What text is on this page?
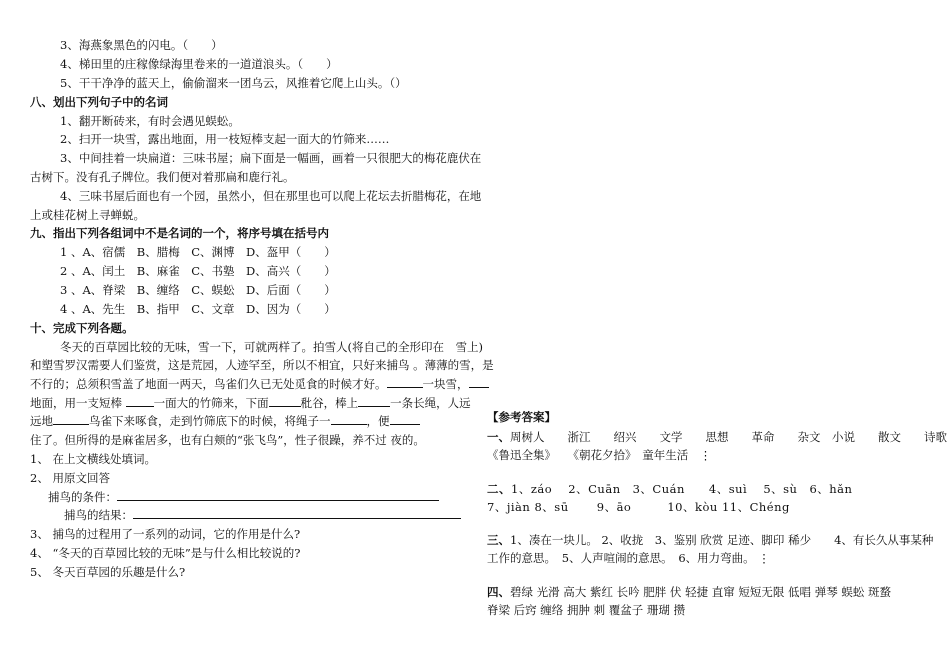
3、海燕象黑色的闪电。（　　）
4、梯田里的庄稼像绿海里卷来的一道道浪头。（　　）
5、干干净净的蓝天上，偷偷溜来一团乌云，风推着它爬上山头。（）
八、划出下列句子中的名词
1、翻开断砖来，有时会遇见蜈蚣。
2、扫开一块雪，露出地面，用一枝短棒支起一面大的竹筛来……
3、中间挂着一块扁道：三味书屋；扁下面是一幅画，画着一只很肥大的梅花鹿伏在
古树下。没有孔子牌位。我们便对着那扁和鹿行礼。
4、三味书屋后面也有一个园，虽然小，但在那里也可以爬上花坛去折腊梅花，在地
上或桂花树上寻蝉蜕。
九、指出下列各组词中不是名词的一个，将序号填在括号内
1 、A、宿儒　B、腊梅　C、渊博　D、盔甲（　　）
2 、A、闰土　B、麻雀　C、书塾　D、高兴（　　）
3 、A、脊梁　B、缠络　C、蜈蚣　D、后面（　　）
4 、A、先生　B、指甲　C、文章　D、因为（　　）
十、完成下列各题。
冬天的百草园比较的无味，雪一下，可就两样了。拍雪人(将自己的全形印在　雪上)
和塑雪罗汉需要人们鉴赏，这是荒园，人迹罕至，所以不相宜，只好来捕鸟 。薄薄的雪，是
不行的；总须积雪盖了地面一两天，鸟雀们久已无处觅食的时候才好。	一块雪，
地面，用一支短棒 一面大的竹筛来，下面	秕谷，棒上	一条长绳，人远
远地	鸟雀下来啄食，走到竹筛底下的时候，将绳子一	，便
住了。但所得的是麻雀居多，也有白颊的“张飞鸟”，性子很躁，养不过 夜的。
1、 在上文横线处填词。
2、 用原文回答
捕鸟的条件：
捕鸟的结果：
3、 捕鸟的过程用了一系列的动词，它的作用是什么?
4、 “冬天的百草园比较的无味”是与什么相比较说的?
5、 冬天百草园的乐趣是什么?
【参考答案】
一、周树人　　浙江　　绍兴　　文学　　思想　　革命　　杂文　小说　　散文　　诗歌
《鲁迅全集》　　《朝花夕拾》　童年生活　⋮
二、1、záo　 2、Cuān　3、Cuán　　4、suì　 5、sù　6、hǎn
7、jiàn 8、sū　　 9、āo　　　10、kòu 11、Chéng
三、1、凑在一块儿。 2、收拢　3、鉴别 欣赏 足迹、脚印 稀少　　4、有长久从事某种
工作的意思。　5、人声喧闹的意思。　6、用力弯曲。 ⋮
四、碧绿 光滑 高大 紫红 长吟 肥胖 伏 轻捷 直窜 短短无限 低唱 弹琴 蜈蚣 斑蝥
脊梁 后窍 缠络 拥肿 刺 覆盆子 珊瑚 攒
